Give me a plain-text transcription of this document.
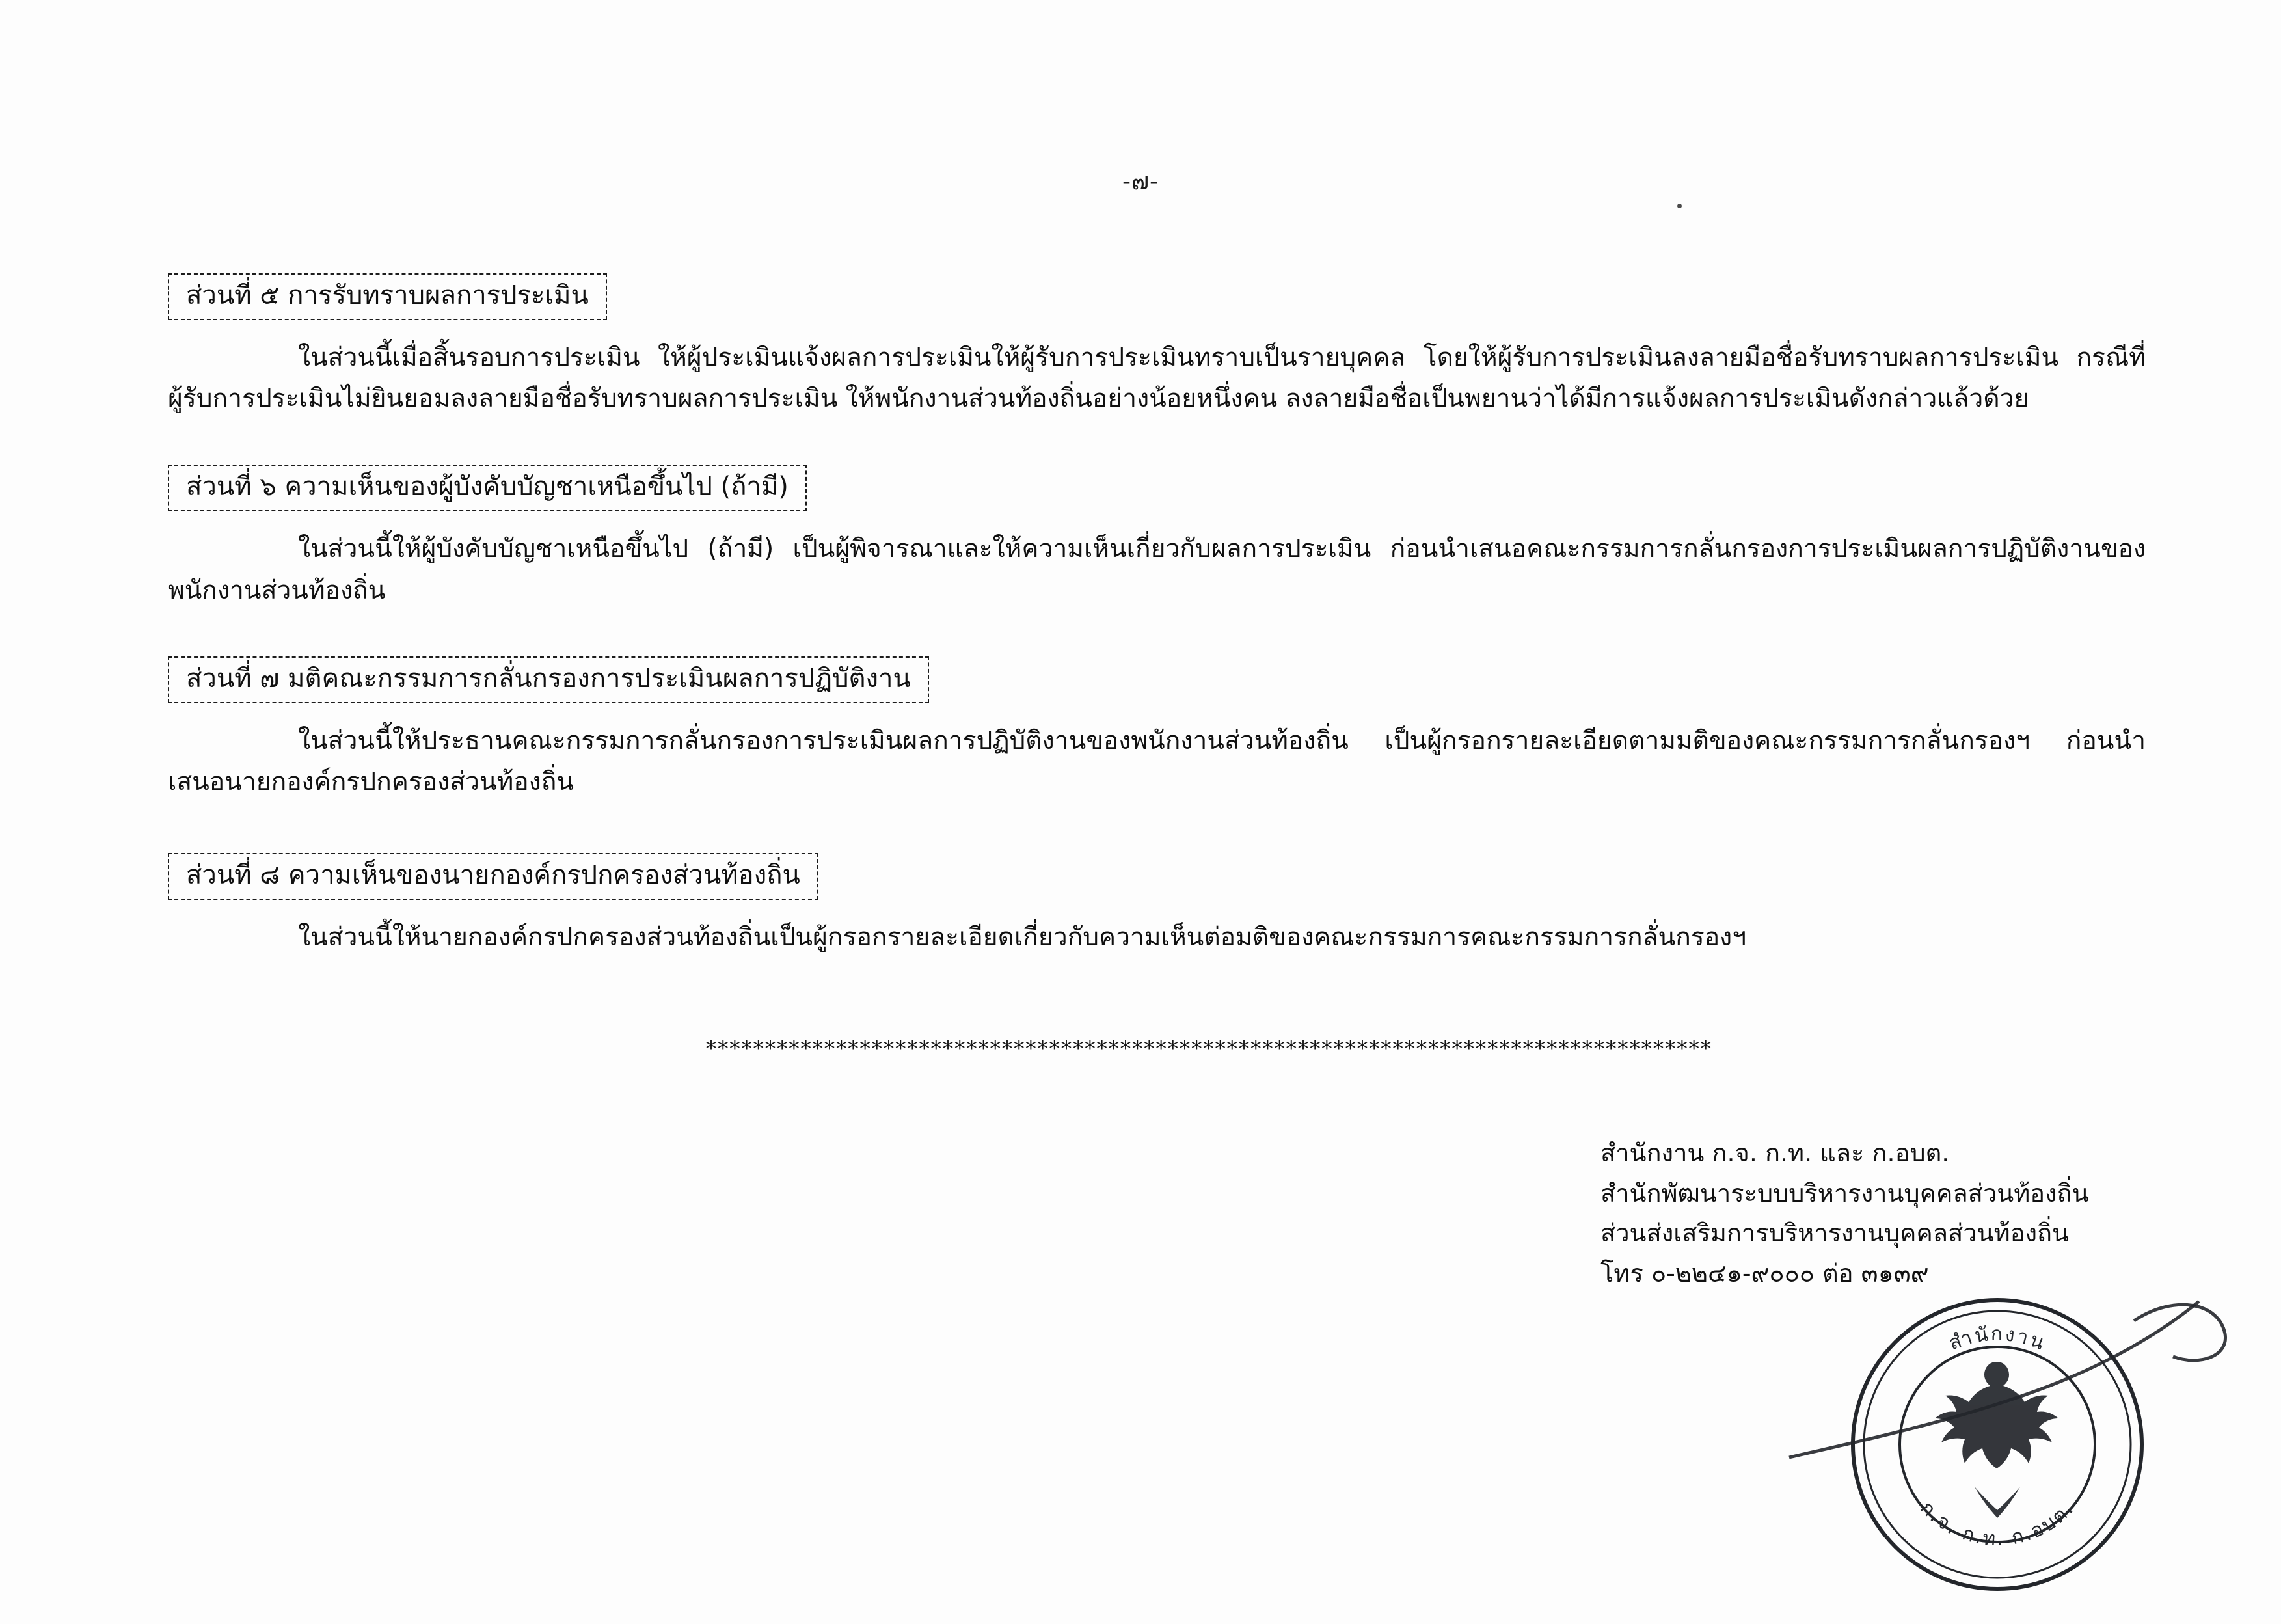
-๗-
ส่วนที่ ๕ การรับทราบผลการประเมิน
ในส่วนนี้เมื่อสิ้นรอบการประเมิน ให้ผู้ประเมินแจ้งผลการประเมินให้ผู้รับการประเมินทราบเป็นรายบุคคล โดยให้ผู้รับการประเมินลงลายมือชื่อรับทราบผลการประเมิน กรณีที่ผู้รับการประเมินไม่ยินยอมลงลายมือชื่อรับทราบผลการประเมิน ให้พนักงานส่วนท้องถิ่นอย่างน้อยหนึ่งคน ลงลายมือชื่อเป็นพยานว่าได้มีการแจ้งผลการประเมินดังกล่าวแล้วด้วย
ส่วนที่ ๖ ความเห็นของผู้บังคับบัญชาเหนือขึ้นไป (ถ้ามี)
ในส่วนนี้ให้ผู้บังคับบัญชาเหนือขึ้นไป (ถ้ามี) เป็นผู้พิจารณาและให้ความเห็นเกี่ยวกับผลการประเมิน ก่อนนำเสนอคณะกรรมการกลั่นกรองการประเมินผลการปฏิบัติงานของพนักงานส่วนท้องถิ่น
ส่วนที่ ๗ มติคณะกรรมการกลั่นกรองการประเมินผลการปฏิบัติงาน
ในส่วนนี้ให้ประธานคณะกรรมการกลั่นกรองการประเมินผลการปฏิบัติงานของพนักงานส่วนท้องถิ่น เป็นผู้กรอกรายละเอียดตามมติของคณะกรรมการกลั่นกรองฯ ก่อนนำเสนอนายกองค์กรปกครองส่วนท้องถิ่น
ส่วนที่ ๘ ความเห็นของนายกองค์กรปกครองส่วนท้องถิ่น
ในส่วนนี้ให้นายกองค์กรปกครองส่วนท้องถิ่นเป็นผู้กรอกรายละเอียดเกี่ยวกับความเห็นต่อมติของคณะกรรมการคณะกรรมการกลั่นกรองฯ
*************************************************************************************
สำนักงาน ก.จ. ก.ท. และ ก.อบต.
สำนักพัฒนาระบบบริหารงานบุคคลส่วนท้องถิ่น
ส่วนส่งเสริมการบริหารงานบุคคลส่วนท้องถิ่น
โทร ๐-๒๒๔๑-๙๐๐๐ ต่อ ๓๑๓๙
สำนักงาน
ก.จ. ก.ท. ก.อบต.
